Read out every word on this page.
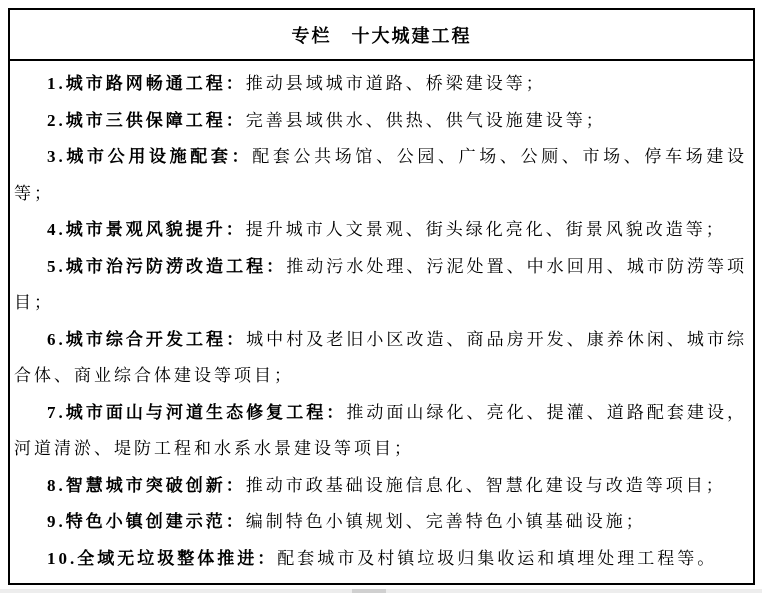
专栏　十大城建工程

1.城市路网畅通工程：推动县域城市道路、桥梁建设等；

2.城市三供保障工程：完善县域供水、供热、供气设施建设等；

3.城市公用设施配套：配套公共场馆、公园、广场、公厕、市场、停车场建设等；

4.城市景观风貌提升：提升城市人文景观、街头绿化亮化、街景风貌改造等；

5.城市治污防涝改造工程：推动污水处理、污泥处置、中水回用、城市防涝等项目；

6.城市综合开发工程：城中村及老旧小区改造、商品房开发、康养休闲、城市综合体、商业综合体建设等项目；

7.城市面山与河道生态修复工程：推动面山绿化、亮化、提灌、道路配套建设，河道清淤、堤防工程和水系水景建设等项目；

8.智慧城市突破创新：推动市政基础设施信息化、智慧化建设与改造等项目；

9.特色小镇创建示范：编制特色小镇规划、完善特色小镇基础设施；

10.全域无垃圾整体推进：配套城市及村镇垃圾归集收运和填埋处理工程等。
